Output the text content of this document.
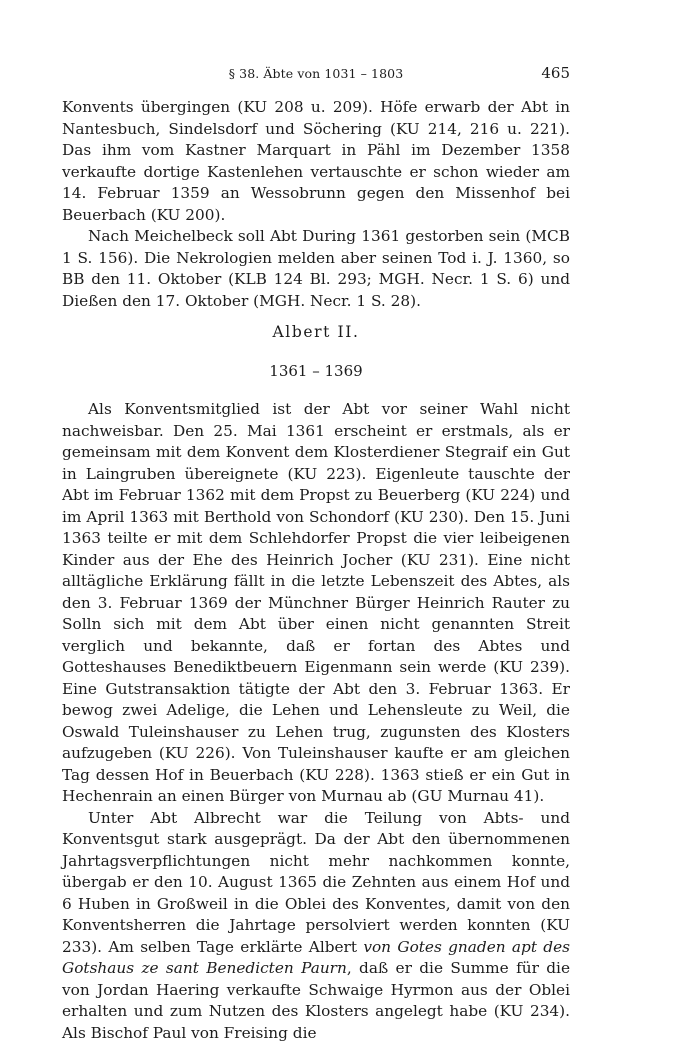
§ 38. Äbte von 1031 – 1803	465

Konvents übergingen (KU 208 u. 209). Höfe erwarb der Abt in Nantesbuch, Sindelsdorf und Söchering (KU 214, 216 u. 221). Das ihm vom Kastner Marquart in Pähl im Dezember 1358 verkaufte dortige Kastenlehen vertauschte er schon wieder am 14. Februar 1359 an Wessobrunn gegen den Missenhof bei Beuerbach (KU 200).

Nach Meichelbeck soll Abt During 1361 gestorben sein (MCB 1 S. 156). Die Nekrologien melden aber seinen Tod i. J. 1360, so BB den 11. Oktober (KLB 124 Bl. 293; MGH. Necr. 1 S. 6) und Dießen den 17. Oktober (MGH. Necr. 1 S. 28).

Albert II.
1361 – 1369

Als Konventsmitglied ist der Abt vor seiner Wahl nicht nachweisbar. Den 25. Mai 1361 erscheint er erstmals, als er gemeinsam mit dem Konvent dem Klosterdiener Stegraif ein Gut in Laingruben übereignete (KU 223). Eigenleute tauschte der Abt im Februar 1362 mit dem Propst zu Beuerberg (KU 224) und im April 1363 mit Berthold von Schondorf (KU 230). Den 15. Juni 1363 teilte er mit dem Schlehdorfer Propst die vier leibeigenen Kinder aus der Ehe des Heinrich Jocher (KU 231). Eine nicht alltägliche Erklärung fällt in die letzte Lebenszeit des Abtes, als den 3. Februar 1369 der Münchner Bürger Heinrich Rauter zu Solln sich mit dem Abt über einen nicht genannten Streit verglich und bekannte, daß er fortan des Abtes und Gotteshauses Benediktbeuern Eigenmann sein werde (KU 239). Eine Gutstransaktion tätigte der Abt den 3. Februar 1363. Er bewog zwei Adelige, die Lehen und Lehensleute zu Weil, die Oswald Tuleinshauser zu Lehen trug, zugunsten des Klosters aufzugeben (KU 226). Von Tuleinshauser kaufte er am gleichen Tag dessen Hof in Beuerbach (KU 228). 1363 stieß er ein Gut in Hechenrain an einen Bürger von Murnau ab (GU Murnau 41).

Unter Abt Albrecht war die Teilung von Abts- und Konventsgut stark ausgeprägt. Da der Abt den übernommenen Jahrtagsverpflichtungen nicht mehr nachkommen konnte, übergab er den 10. August 1365 die Zehnten aus einem Hof und 6 Huben in Großweil in die Oblei des Konventes, damit von den Konventsherren die Jahrtage persolviert werden konnten (KU 233). Am selben Tage erklärte Albert von Gotes gnaden apt des Gotshaus ze sant Benedicten Paurn, daß er die Summe für die von Jordan Haering verkaufte Schwaige Hyrmon aus der Oblei erhalten und zum Nutzen des Klosters angelegt habe (KU 234). Als Bischof Paul von Freising die
